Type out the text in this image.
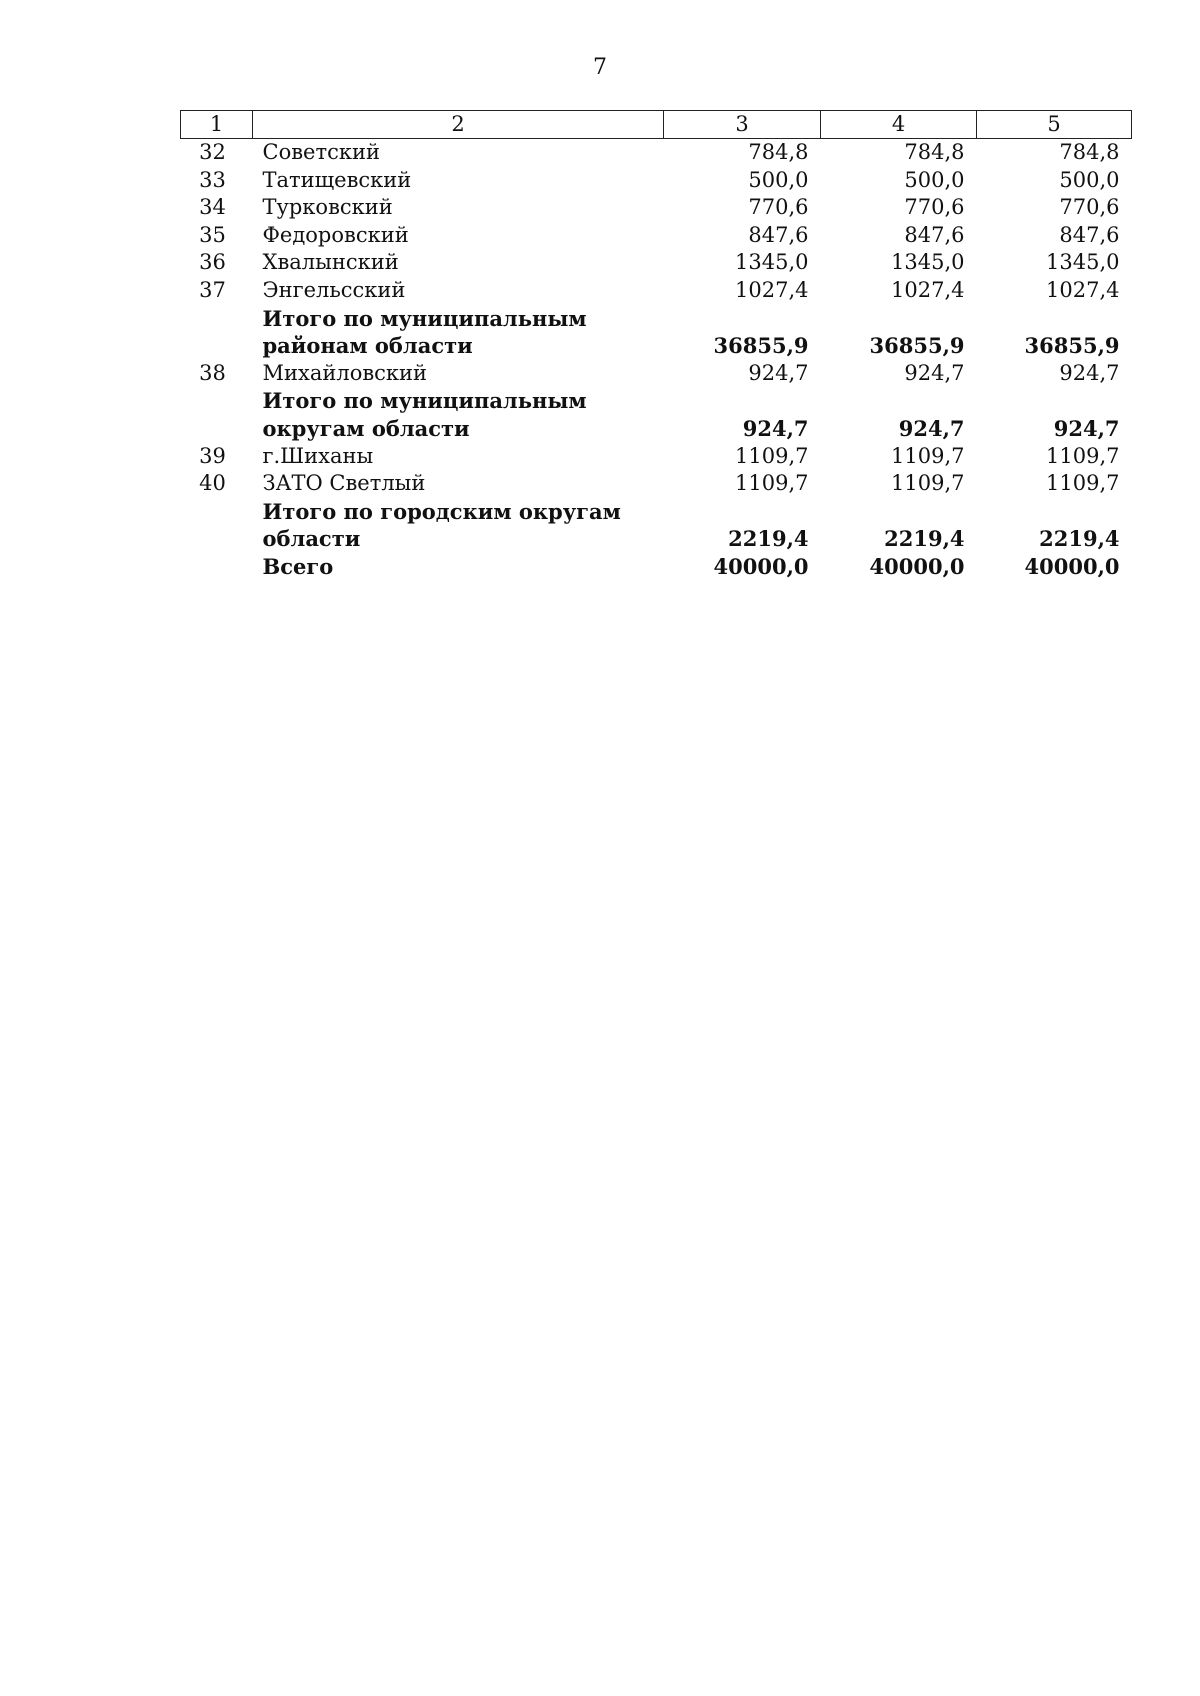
7
1	2	3	4	5
32	Советский	784,8	784,8	784,8
33	Татищевский	500,0	500,0	500,0
34	Турковский	770,6	770,6	770,6
35	Федоровский	847,6	847,6	847,6
36	Хвалынский	1345,0	1345,0	1345,0
37	Энгельсский	1027,4	1027,4	1027,4
	Итого по муниципальным районам области	36855,9	36855,9	36855,9
38	Михайловский	924,7	924,7	924,7
	Итого по муниципальным округам области	924,7	924,7	924,7
39	г.Шиханы	1109,7	1109,7	1109,7
40	ЗАТО Светлый	1109,7	1109,7	1109,7
	Итого по городским округам области	2219,4	2219,4	2219,4
	Всего	40000,0	40000,0	40000,0
